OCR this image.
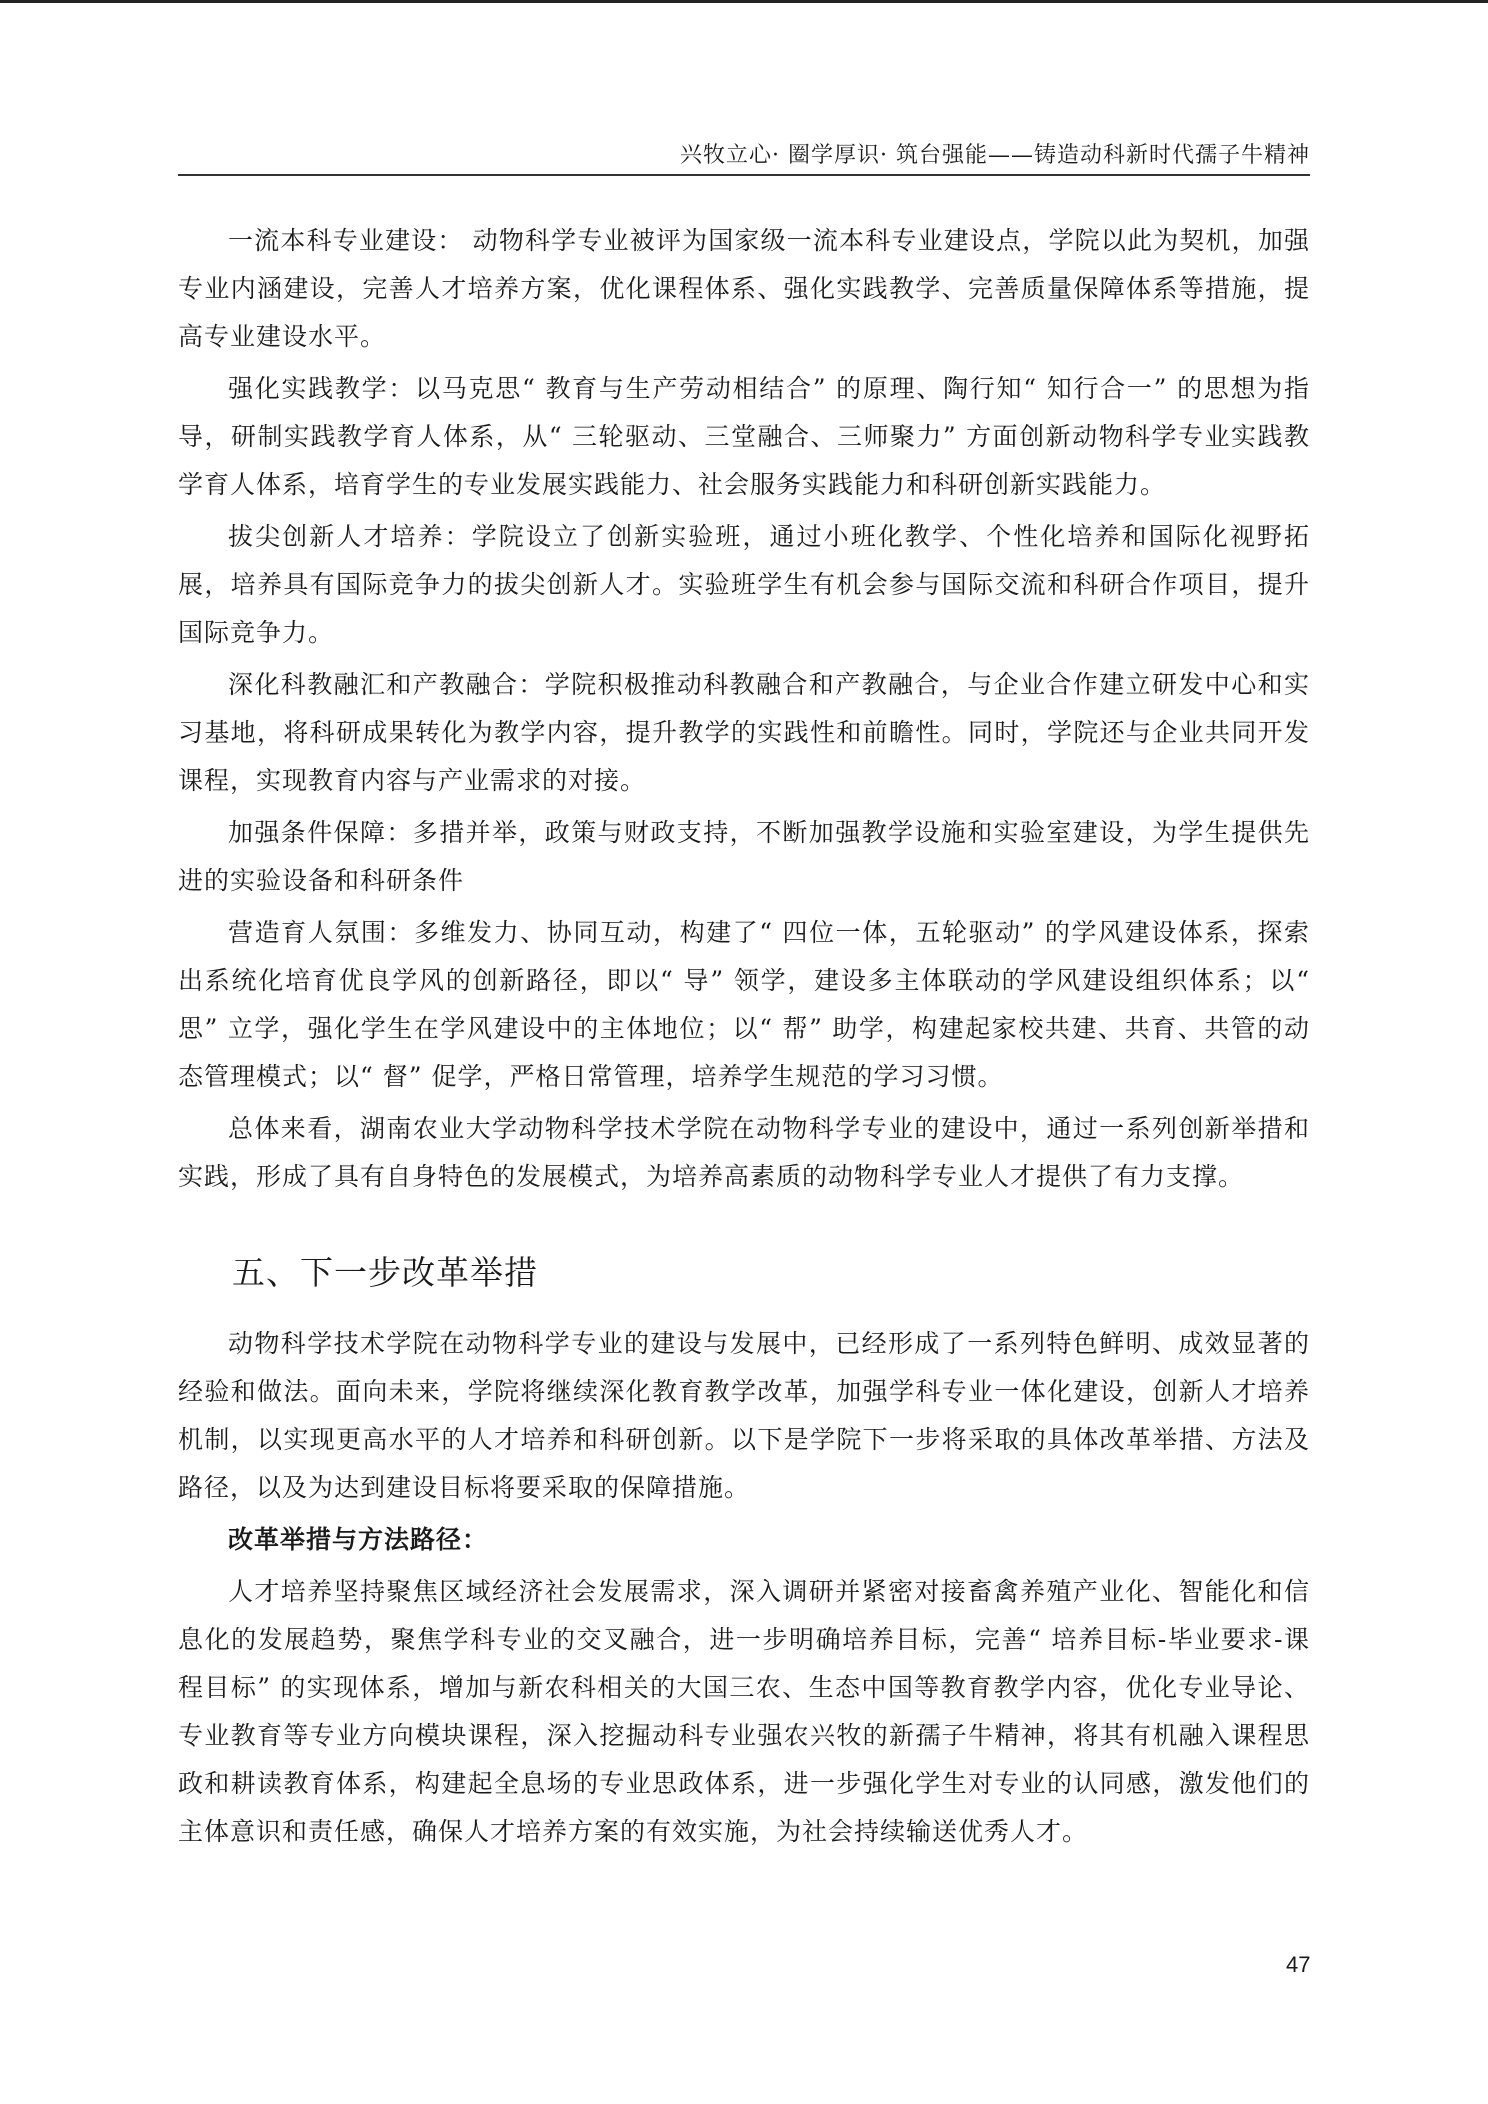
兴牧立心· 圈学厚识· 筑台强能——铸造动科新时代孺子牛精神

一流本科专业建设： 动物科学专业被评为国家级一流本科专业建设点，学院以此为契机，加强专业内涵建设，完善人才培养方案，优化课程体系、强化实践教学、完善质量保障体系等措施，提高专业建设水平。

强化实践教学：以马克思“ 教育与生产劳动相结合” 的原理、陶行知“ 知行合一” 的思想为指导，研制实践教学育人体系，从“ 三轮驱动、三堂融合、三师聚力” 方面创新动物科学专业实践教学育人体系，培育学生的专业发展实践能力、社会服务实践能力和科研创新实践能力。

拔尖创新人才培养：学院设立了创新实验班，通过小班化教学、个性化培养和国际化视野拓展，培养具有国际竞争力的拔尖创新人才。实验班学生有机会参与国际交流和科研合作项目，提升国际竞争力。

深化科教融汇和产教融合：学院积极推动科教融合和产教融合，与企业合作建立研发中心和实习基地，将科研成果转化为教学内容，提升教学的实践性和前瞻性。同时，学院还与企业共同开发课程，实现教育内容与产业需求的对接。

加强条件保障：多措并举，政策与财政支持，不断加强教学设施和实验室建设，为学生提供先进的实验设备和科研条件

营造育人氛围：多维发力、协同互动，构建了“ 四位一体，五轮驱动” 的学风建设体系，探索出系统化培育优良学风的创新路径，即以“ 导” 领学，建设多主体联动的学风建设组织体系；以“ 思” 立学，强化学生在学风建设中的主体地位；以“ 帮” 助学，构建起家校共建、共育、共管的动态管理模式；以“ 督” 促学，严格日常管理，培养学生规范的学习习惯。

总体来看，湖南农业大学动物科学技术学院在动物科学专业的建设中，通过一系列创新举措和实践，形成了具有自身特色的发展模式，为培养高素质的动物科学专业人才提供了有力支撑。

五、下一步改革举措

动物科学技术学院在动物科学专业的建设与发展中，已经形成了一系列特色鲜明、成效显著的经验和做法。面向未来，学院将继续深化教育教学改革，加强学科专业一体化建设，创新人才培养机制，以实现更高水平的人才培养和科研创新。以下是学院下一步将采取的具体改革举措、方法及路径，以及为达到建设目标将要采取的保障措施。

改革举措与方法路径：

人才培养坚持聚焦区域经济社会发展需求，深入调研并紧密对接畜禽养殖产业化、智能化和信息化的发展趋势，聚焦学科专业的交叉融合，进一步明确培养目标，完善“ 培养目标-毕业要求-课程目标” 的实现体系，增加与新农科相关的大国三农、生态中国等教育教学内容，优化专业导论、专业教育等专业方向模块课程，深入挖掘动科专业强农兴牧的新孺子牛精神，将其有机融入课程思政和耕读教育体系，构建起全息场的专业思政体系，进一步强化学生对专业的认同感，激发他们的主体意识和责任感，确保人才培养方案的有效实施，为社会持续输送优秀人才。

47
